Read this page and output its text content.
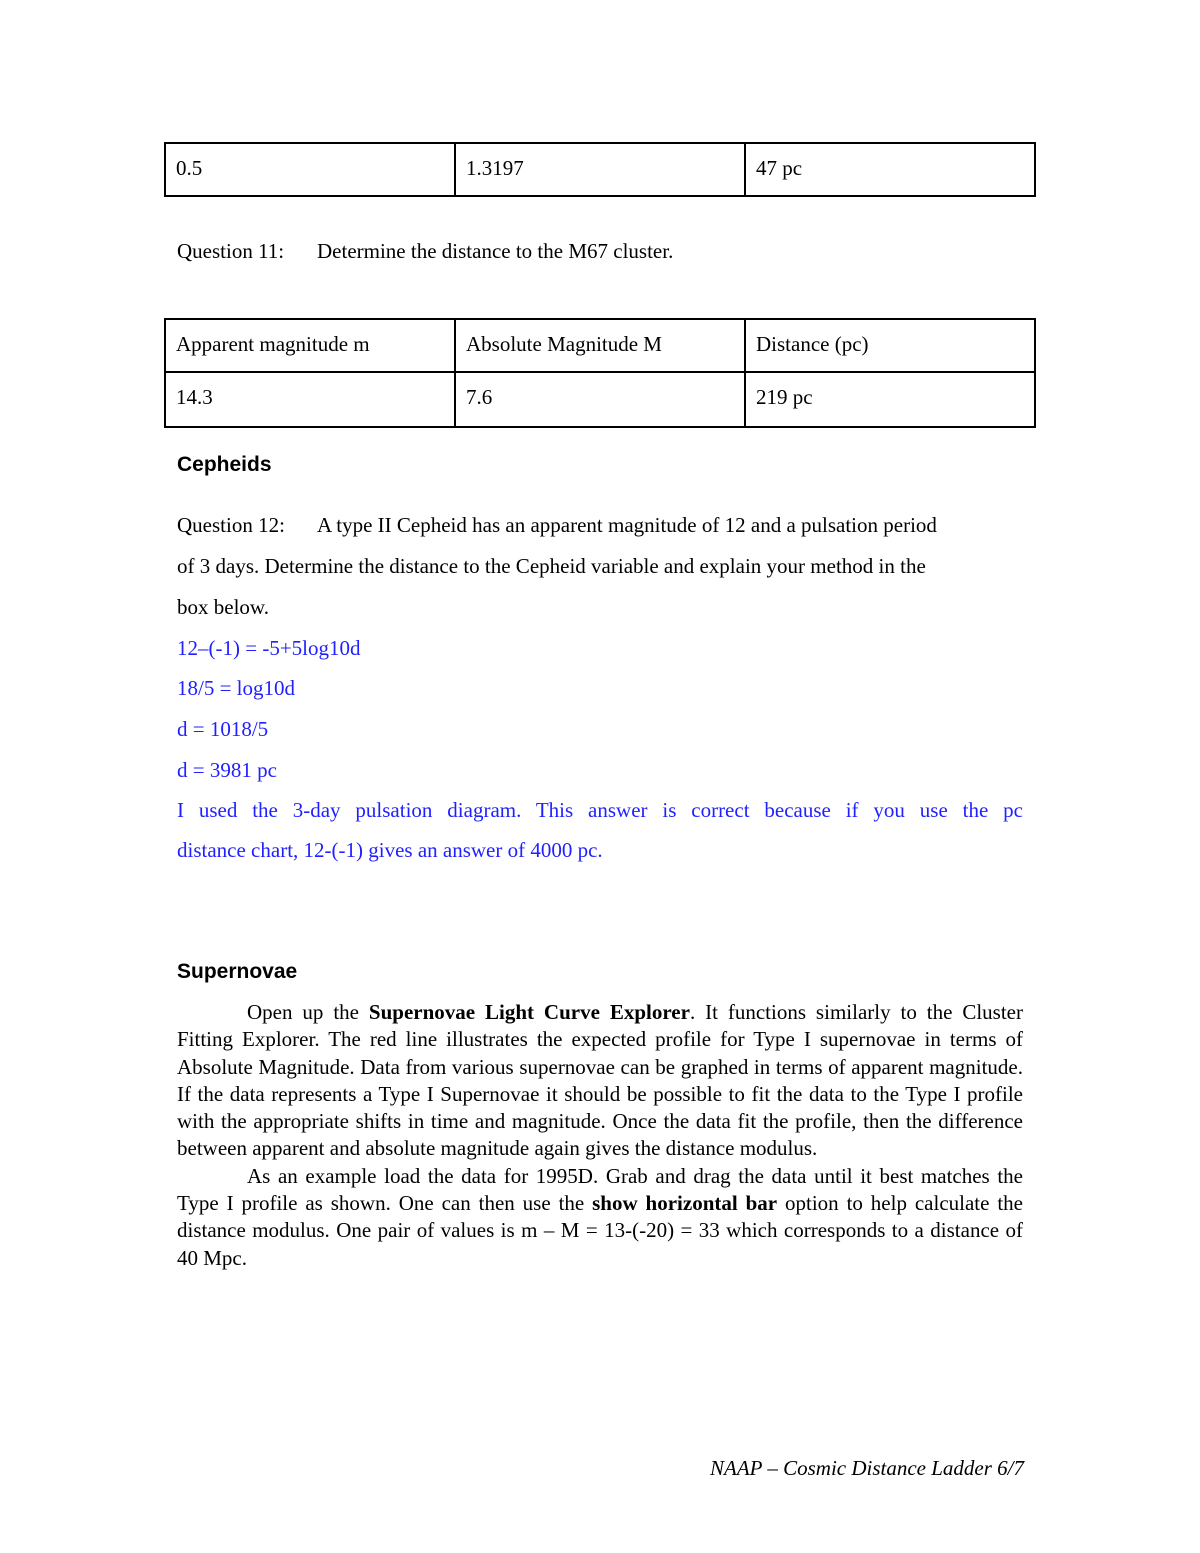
0.5	1.3197	47 pc
Question 11: Determine the distance to the M67 cluster.
Apparent magnitude m	Absolute Magnitude M	Distance (pc)
14.3	7.6	219 pc
Cepheids
Question 12: A type II Cepheid has an apparent magnitude of 12 and a pulsation period
of 3 days. Determine the distance to the Cepheid variable and explain your method in the
box below.
12–(-1) = -5+5log10d
18/5 = log10d
d = 1018/5
d = 3981 pc
I used the 3-day pulsation diagram. This answer is correct because if you use the pc
distance chart, 12-(-1) gives an answer of 4000 pc.
Supernovae

Open up the Supernovae Light Curve Explorer. It functions similarly to the Cluster Fitting Explorer. The red line illustrates the expected profile for Type I supernovae in terms of Absolute Magnitude. Data from various supernovae can be graphed in terms of apparent magnitude. If the data represents a Type I Supernovae it should be possible to fit the data to the Type I profile with the appropriate shifts in time and magnitude. Once the data fit the profile, then the difference between apparent and absolute magnitude again gives the distance modulus.

As an example load the data for 1995D. Grab and drag the data until it best matches the Type I profile as shown. One can then use the show horizontal bar option to help calculate the distance modulus. One pair of values is m – M = 13-(-20) = 33 which corresponds to a distance of 40 Mpc.

NAAP – Cosmic Distance Ladder 6/7
